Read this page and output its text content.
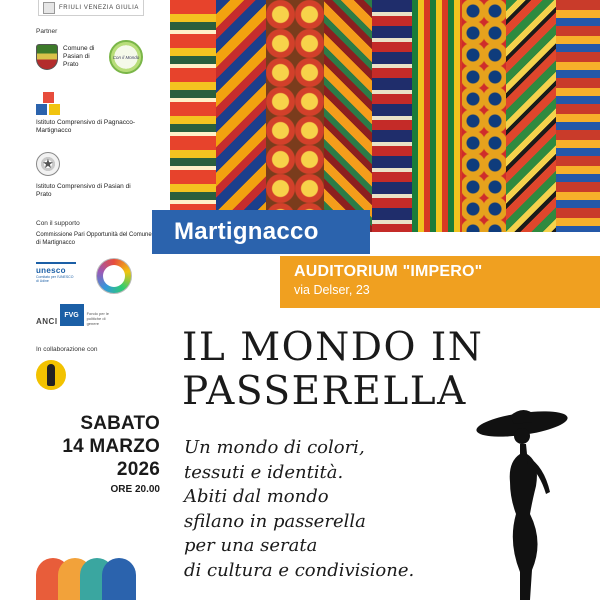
FRIULI VENEZIA GIULIA
Partner
Comune di Pasian di Prato
Con il Mondo
Istituto Comprensivo di Pagnacco-Martignacco
★
Istituto Comprensivo di Pasian di Prato
Con il supporto
Commissione Pari Opportunità del Comune di Martignacco
unesco
Comitato per l'UNESCO di Udine
ANCI
FVG	Fondo per le politiche di genere
In collaborazione con
SABATO
14 MARZO
2026
ORE 20.00
Martignacco
AUDITORIUM "IMPERO"
via Delser, 23
IL MONDO IN
PASSERELLA
Un mondo di colori,
tessuti e identità.
Abiti dal mondo
sfilano in passerella
per una serata
di cultura e condivisione.
